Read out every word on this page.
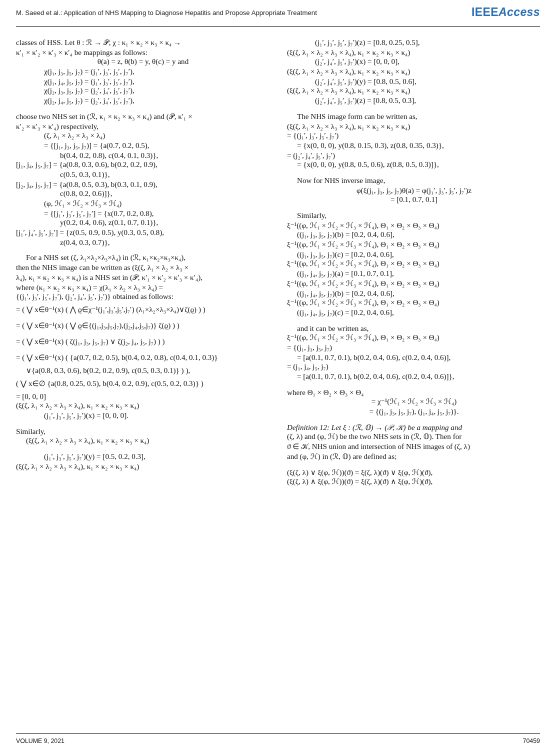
M. Saeed et al.: Application of NHS Mapping to Diagnose Hepatitis and Propose Appropriate Treatment	IEEEAccess
classes of HSS. Let θ : ℛ → 𝒫, χ : κ₁ × κ₂ × κ₃ × κ₄ →
κ′₁ × κ′₂ × κ′₃ × κ′₄ be mappings as follows:
θ(a) = z, θ(b) = y, θ(c) = y and
χ(j₁, j₃, j₅, j₇) = (j₁′, j₃′, j₅′, j₇′),
χ(j₁, j₄, j₅, j₇) = (j₁′, j₃′, j₅′, j₇′),
χ(j₂, j₃, j₅, j₇) = (j₂′, j₄′, j₅′, j₇′),
χ(j₂, j₄, j₅, j₇) = (j₂′, j₄′, j₅′, j₇′),
choose two NHS set in (ℛ, κ₁ × κ₂ × κ₃ × κ₄) and (𝒫, κ′₁ ×
κ′₂ × κ′₃ × κ′₄) respectively,
(ζ, λ₁ × λ₂ × λ₃ × λ₄)
= {[j₁, j₃, j₅, j₇)] = {a(0.7, 0.2, 0.5),
b(0.4, 0.2, 0.8), c(0.4, 0.1, 0.3)},
[j₁, j₄, j₅, j₇] = {a(0.8, 0.3, 0.6), b(0.2, 0.2, 0.9),
c(0.5, 0.3, 0.1)},
[j₂, j₄, j₅, j₇] = {a(0.8, 0.5, 0.3), b(0.3, 0.1, 0.9),
c(0.8, 0.2, 0.6)]},
(φ, ℋ₁ × ℋ₂ × ℋ₃ × ℋ₄)
= {[j₁′, j₃′, j₅′, j₇′] = {x(0.7, 0.2, 0.8),
y(0.2, 0.4, 0.6), z(0.1, 0.7, 0.1)},
[j₁′, j₄′, j₅′, j₇′] = {z(0.5, 0.9, 0.5), y(0.3, 0.5, 0.8),
z(0.4, 0.3, 0.7)},
For a NHS set (ζ, λ₁×λ₂×λ₃×λ₄) in (ℛ, κ₁×κ₂×κ₃×κ₄),
then the NHS image can be written as (ξ(ζ, λ₁ × λ₂ × λ₃ ×
λ₄), κ₁ × κ₂ × κ₃ × κ₄) is a NHS set in (𝒫, κ′₁ × κ′₂ × κ′₃ × κ′₄),
where (κ₁ × κ₂ × κ₃ × κ₄) = χ(λ₁ × λ₂ × λ₃ × λ₄) =
{(j₁′, j₃′, j₅′, j₇′), (j₂′, j₄′, j₅′, j₇′)} obtained as follows:
= ( ⋁ x∈θ⁻¹(x) ( ⋀ ϱ∈χ⁻¹(j₁′,j₃′,j₅′,j₇′) (λ₁×λ₂×λ₃×λ₄)∨ζ(ϱ) ) )
= ( ⋁ x∈θ⁻¹(x) ( ⋁ ϱ∈{(j₁,j₃,j₅,j₇),(j₂,j₄,j₅,j₇)} ζ(ϱ) ) )
= ( ⋁ x∈θ⁻¹(x) ( ζ(j₁, j₃, j₅, j₇) ∨ ζ(j₂, j₄, j₅, j₇) ) )
= ( ⋁ x∈θ⁻¹(x) ( {a(0.7, 0.2, 0.5), b(0.4, 0.2, 0.8), c(0.4, 0.1, 0.3)}
∨{a(0.8, 0.3, 0.6), b(0.2, 0.2, 0.9), c(0.5, 0.3, 0.1)} ) ),
( ⋁ x∈∅ {a(0.8, 0.25, 0.5), b(0.4, 0.2, 0.9), c(0.5, 0.2, 0.3)} )
= [0, 0, 0]
(ξ(ζ, λ₁ × λ₂ × λ₃ × λ₄), κ₁ × κ₂ × κ₃ × κ₄)
(j₁′, j₃′, j₅′, j₇′)(x) = [0, 0, 0].
Similarly,
(ξ(ζ, λ₁ × λ₂ × λ₃ × λ₄), κ₁ × κ₂ × κ₃ × κ₄)
(j₁′, j₃′, j₅′, j₇′)(y) = [0.5, 0.2, 0.3],
(ξ(ζ, λ₁ × λ₂ × λ₃ × λ₄), κ₁ × κ₂ × κ₃ × κ₄)
(j₁′, j₃′, j₅′, j₇′)(z) = [0.8, 0.25, 0.5],
(ξ(ζ, λ₁ × λ₂ × λ₃ × λ₄), κ₁ × κ₂ × κ₃ × κ₄)
(j₂′, j₄′, j₅′, j₇′)(x) = [0, 0, 0],
(ξ(ζ, λ₁ × λ₂ × λ₃ × λ₄), κ₁ × κ₂ × κ₃ × κ₄)
(j₂′, j₄′, j₅′, j₇′)(y) = [0.8, 0.5, 0.6],
(ξ(ζ, λ₁ × λ₂ × λ₃ × λ₄), κ₁ × κ₂ × κ₃ × κ₄)
(j₂′, j₄′, j₅′, j₇′)(z) = [0.8, 0.5, 0.3],
The NHS image form can be written as,
(ξ(ζ, λ₁ × λ₂ × λ₃ × λ₄), κ₁ × κ₂ × κ₃ × κ₄)
= {(j₁′, j₃′, j₅′, j₇′)
= {x(0, 0, 0), y(0.8, 0.15, 0.3), z(0.8, 0.35, 0.3)},
= (j₂′, j₄′, j₅′, j₇′)
= {x(0, 0, 0), y(0.8, 0.5, 0.6), z(0.8, 0.5, 0.3)]},
Now for NHS inverse image,
φ(ξ(j₁, j₃, j₅, j₇)θ(a) = φ(j₁′, j₃′, j₅′, j₇′)z
= [0.1, 0.7, 0.1]
Similarly,
ξ⁻¹((φ, ℋ₁ × ℋ₂ × ℋ₃ × ℋ₄), Θ₁ × Θ₂ × Θ₃ × Θ₄)
((j₁, j₃, j₅, j₇)(b) = [0.2, 0.4, 0.6],
ξ⁻¹((φ, ℋ₁ × ℋ₂ × ℋ₃ × ℋ₄), Θ₁ × Θ₂ × Θ₃ × Θ₄)
((j₁, j₃, j₅, j₇)(c) = [0.2, 0.4, 0.6],
ξ⁻¹((φ, ℋ₁ × ℋ₂ × ℋ₃ × ℋ₄), Θ₁ × Θ₂ × Θ₃ × Θ₄)
((j₁, j₄, j₅, j₇)(a) = [0.1, 0.7, 0.1],
ξ⁻¹((φ, ℋ₁ × ℋ₂ × ℋ₃ × ℋ₄), Θ₁ × Θ₂ × Θ₃ × Θ₄)
((j₁, j₄, j₅, j₇)(b) = [0.2, 0.4, 0.6],
ξ⁻¹((φ, ℋ₁ × ℋ₂ × ℋ₃ × ℋ₄), Θ₁ × Θ₂ × Θ₃ × Θ₄)
((j₁, j₄, j₅, j₇)(c) = [0.2, 0.4, 0.6],
and it can be written as,
ξ⁻¹((φ, ℋ₁ × ℋ₂ × ℋ₃ × ℋ₄), Θ₁ × Θ₂ × Θ₃ × Θ₄)
= {(j₁, j₃, j₅, j₇)
= [a(0.1, 0.7, 0.1), b(0.2, 0.4, 0.6), c(0.2, 0.4, 0.6)],
= (j₁, j₄, j₅, j₇)
= [a(0.1, 0.7, 0.1), b(0.2, 0.4, 0.6), c(0.2, 0.4, 0.6)]},
where Θ₁ × Θ₂ × Θ₃ × Θ₄
= χ⁻¹(ℋ₁ × ℋ₂ × ℋ₃ × ℋ₄)
= {(j₁, j₃, j₅, j₇), (j₁, j₄, j₅, j₇)}.
Definition 12: Let ξ : (ℛ, 𝕆) → (𝒫, 𝒦) be a mapping and
(ζ, λ) and (φ, ℋ) be the two NHS sets in (ℛ, 𝕆). Then for
ϑ ∈ 𝒦, NHS union and intersection of NHS images of (ζ, λ)
and (φ, ℋ) in (ℛ, 𝕆) are defined as;
(ξ(ζ, λ) ∨ ξ(φ, ℋ))(ϑ) = ξ(ζ, λ)(ϑ) ∨ ξ(φ, ℋ)(ϑ),
(ξ(ζ, λ) ∧ ξ(φ, ℋ))(ϑ) = ξ(ζ, λ)(ϑ) ∧ ξ(φ, ℋ)(ϑ),
VOLUME 9, 2021	70459
